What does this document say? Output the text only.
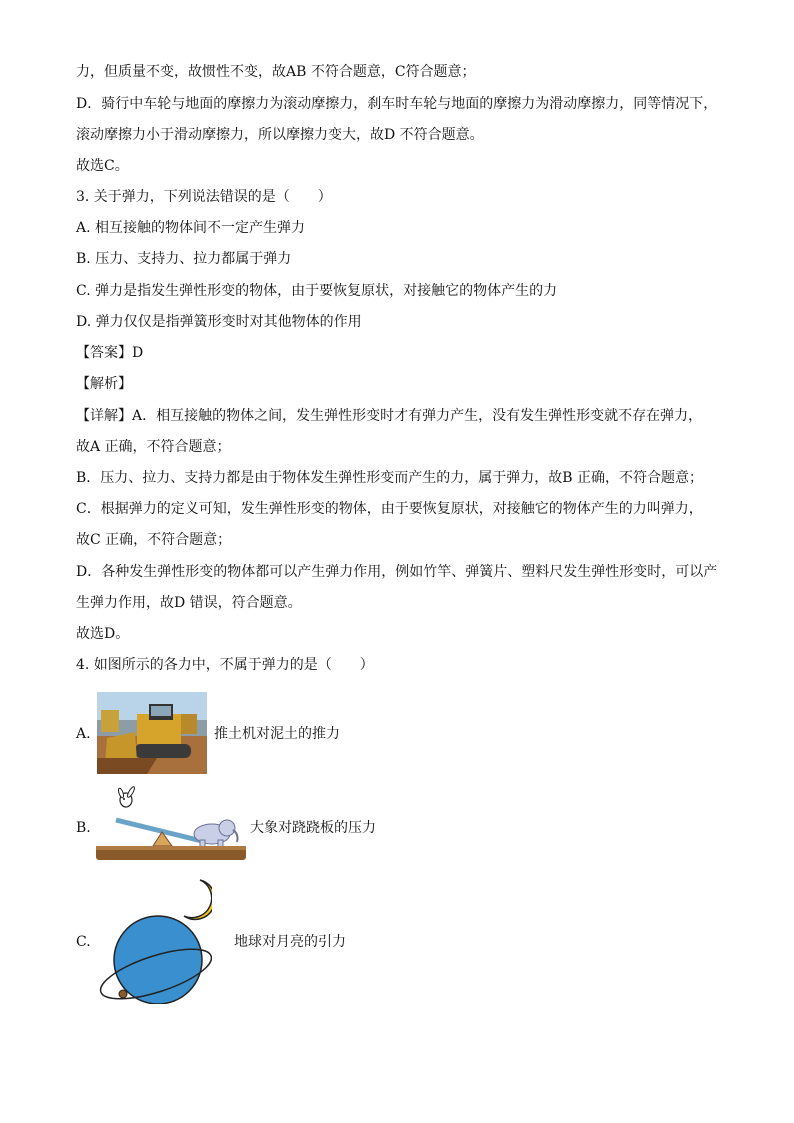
力，但质量不变，故惯性不变，故AB 不符合题意，C符合题意；
D．骑行中车轮与地面的摩擦力为滚动摩擦力，刹车时车轮与地面的摩擦力为滑动摩擦力，同等情况下，
滚动摩擦力小于滑动摩擦力，所以摩擦力变大，故D 不符合题意。
故选C。
3. 关于弹力，下列说法错误的是（　　）
A. 相互接触的物体间不一定产生弹力
B. 压力、支持力、拉力都属于弹力
C. 弹力是指发生弹性形变的物体，由于要恢复原状，对接触它的物体产生的力
D. 弹力仅仅是指弹簧形变时对其他物体的作用
【答案】D
【解析】
【详解】A．相互接触的物体之间，发生弹性形变时才有弹力产生，没有发生弹性形变就不存在弹力，
故A 正确，不符合题意；
B．压力、拉力、支持力都是由于物体发生弹性形变而产生的力，属于弹力，故B 正确，不符合题意；
C．根据弹力的定义可知，发生弹性形变的物体，由于要恢复原状，对接触它的物体产生的力叫弹力，
故C 正确，不符合题意；
D．各种发生弹性形变的物体都可以产生弹力作用，例如竹竿、弹簧片、塑料尺发生弹性形变时，可以产
生弹力作用，故D 错误，符合题意。
故选D。
4. 如图所示的各力中，不属于弹力的是（　　）
A.	推土机对泥土的推力
B.	大象对跷跷板的压力
C.	地球对月亮的引力
